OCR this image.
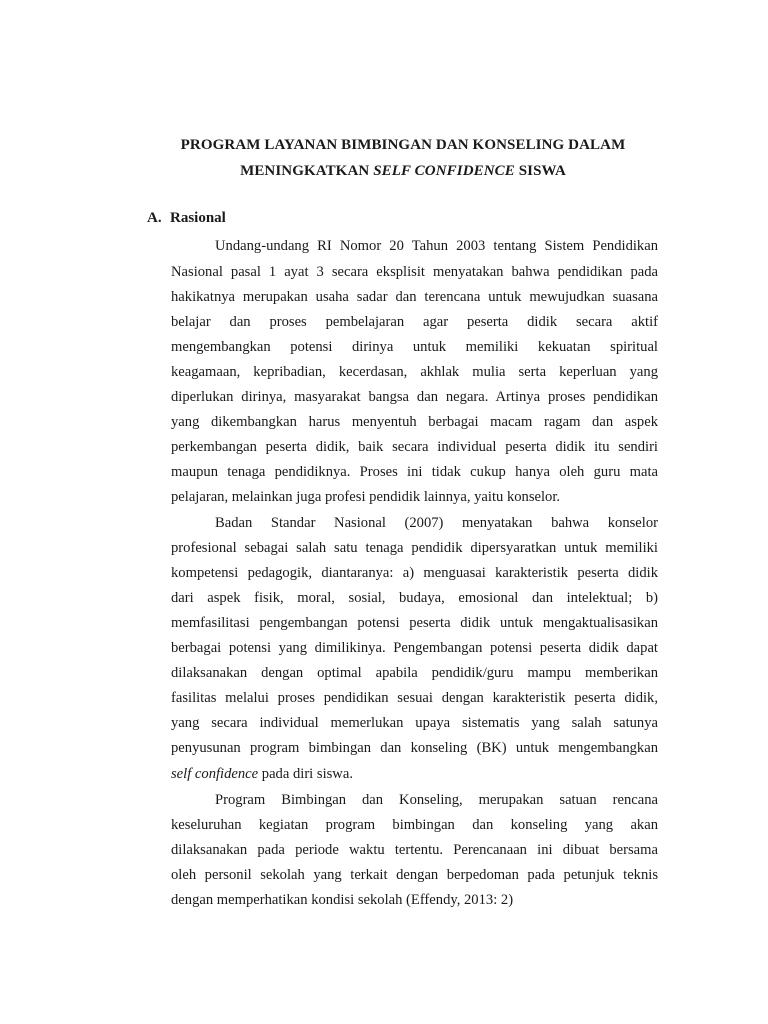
PROGRAM LAYANAN BIMBINGAN DAN KONSELING DALAM
MENINGKATKAN SELF CONFIDENCE SISWA
A. Rasional
Undang-undang RI Nomor 20 Tahun 2003 tentang Sistem Pendidikan
Nasional pasal 1 ayat 3 secara eksplisit menyatakan bahwa pendidikan pada
hakikatnya merupakan usaha sadar dan terencana untuk mewujudkan suasana
belajar dan proses pembelajaran agar peserta didik secara aktif
mengembangkan potensi dirinya untuk memiliki kekuatan spiritual
keagamaan, kepribadian, kecerdasan, akhlak mulia serta keperluan yang
diperlukan dirinya, masyarakat bangsa dan negara. Artinya proses pendidikan
yang dikembangkan harus menyentuh berbagai macam ragam dan aspek
perkembangan peserta didik, baik secara individual peserta didik itu sendiri
maupun tenaga pendidiknya. Proses ini tidak cukup hanya oleh guru mata
pelajaran, melainkan juga profesi pendidik lainnya, yaitu konselor.
Badan Standar Nasional (2007) menyatakan bahwa konselor
profesional sebagai salah satu tenaga pendidik dipersyaratkan untuk memiliki
kompetensi pedagogik, diantaranya: a) menguasai karakteristik peserta didik
dari aspek fisik, moral, sosial, budaya, emosional dan intelektual; b)
memfasilitasi pengembangan potensi peserta didik untuk mengaktualisasikan
berbagai potensi yang dimilikinya. Pengembangan potensi peserta didik dapat
dilaksanakan dengan optimal apabila pendidik/guru mampu memberikan
fasilitas melalui proses pendidikan sesuai dengan karakteristik peserta didik,
yang secara individual memerlukan upaya sistematis yang salah satunya
penyusunan program bimbingan dan konseling (BK) untuk mengembangkan
self confidence pada diri siswa.
Program Bimbingan dan Konseling, merupakan satuan rencana
keseluruhan kegiatan program bimbingan dan konseling yang akan
dilaksanakan pada periode waktu tertentu. Perencanaan ini dibuat bersama
oleh personil sekolah yang terkait dengan berpedoman pada petunjuk teknis
dengan memperhatikan kondisi sekolah (Effendy, 2013: 2)
